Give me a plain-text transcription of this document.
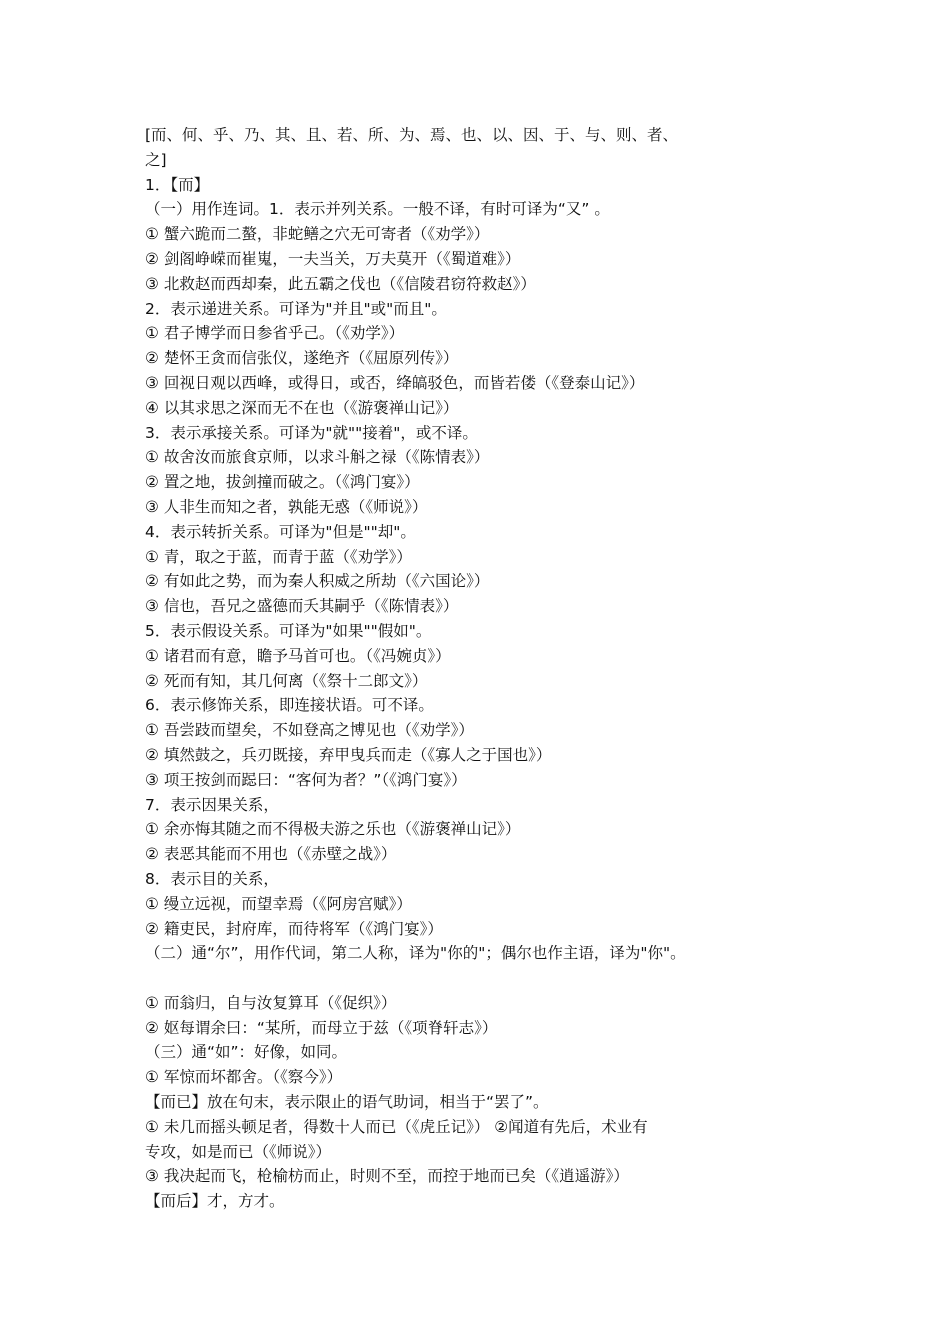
[而、何、乎、乃、其、且、若、所、为、焉、也、以、因、于、与、则、者、
之]
1．【而】
（一）用作连词。1．表示并列关系。一般不译，有时可译为“又” 。
① 蟹六跪而二螯，非蛇鳝之穴无可寄者（《劝学》）
② 剑阁峥嵘而崔嵬，一夫当关，万夫莫开（《蜀道难》）
③ 北救赵而西却秦，此五霸之伐也（《信陵君窃符救赵》）
2．表示递进关系。可译为"并且"或"而且"。
① 君子博学而日参省乎己。（《劝学》）
② 楚怀王贪而信张仪，遂绝齐（《屈原列传》）
③ 回视日观以西峰，或得日，或否，绛皜驳色，而皆若偻（《登泰山记》）
④ 以其求思之深而无不在也（《游褒禅山记》）
3．表示承接关系。可译为"就""接着"，或不译。
① 故舍汝而旅食京师，以求斗斛之禄（《陈情表》）
② 置之地，拔剑撞而破之。（《鸿门宴》）
③ 人非生而知之者，孰能无惑（《师说》）
4．表示转折关系。可译为"但是""却"。
① 青，取之于蓝，而青于蓝（《劝学》）
② 有如此之势，而为秦人积威之所劫（《六国论》）
③ 信也，吾兄之盛德而夭其嗣乎（《陈情表》）
5．表示假设关系。可译为"如果""假如"。
① 诸君而有意，瞻予马首可也。（《冯婉贞》）
② 死而有知，其几何离（《祭十二郎文》）
6．表示修饰关系，即连接状语。可不译。
① 吾尝跂而望矣，不如登高之博见也（《劝学》）
② 填然鼓之，兵刃既接，弃甲曳兵而走（《寡人之于国也》）
③ 项王按剑而跽曰：“客何为者？”（《鸿门宴》）
7．表示因果关系，
① 余亦悔其随之而不得极夫游之乐也（《游褒禅山记》）
② 表恶其能而不用也（《赤壁之战》）
8．表示目的关系，
① 缦立远视，而望幸焉（《阿房宫赋》）
② 籍吏民，封府库，而待将军（《鸿门宴》）
（二）通“尔”，用作代词，第二人称，译为"你的"；偶尔也作主语，译为"你"。
① 而翁归，自与汝复算耳（《促织》）
② 妪每谓余曰：“某所，而母立于兹（《项脊轩志》）
（三）通“如”：好像，如同。
① 军惊而坏都舍。（《察今》）
【而已】放在句末，表示限止的语气助词，相当于“罢了”。
① 未几而摇头顿足者，得数十人而已（《虎丘记》） ②闻道有先后，术业有
专攻，如是而已（《师说》）
③ 我决起而飞，枪榆枋而止，时则不至，而控于地而已矣（《逍遥游》）
【而后】才，方才。
